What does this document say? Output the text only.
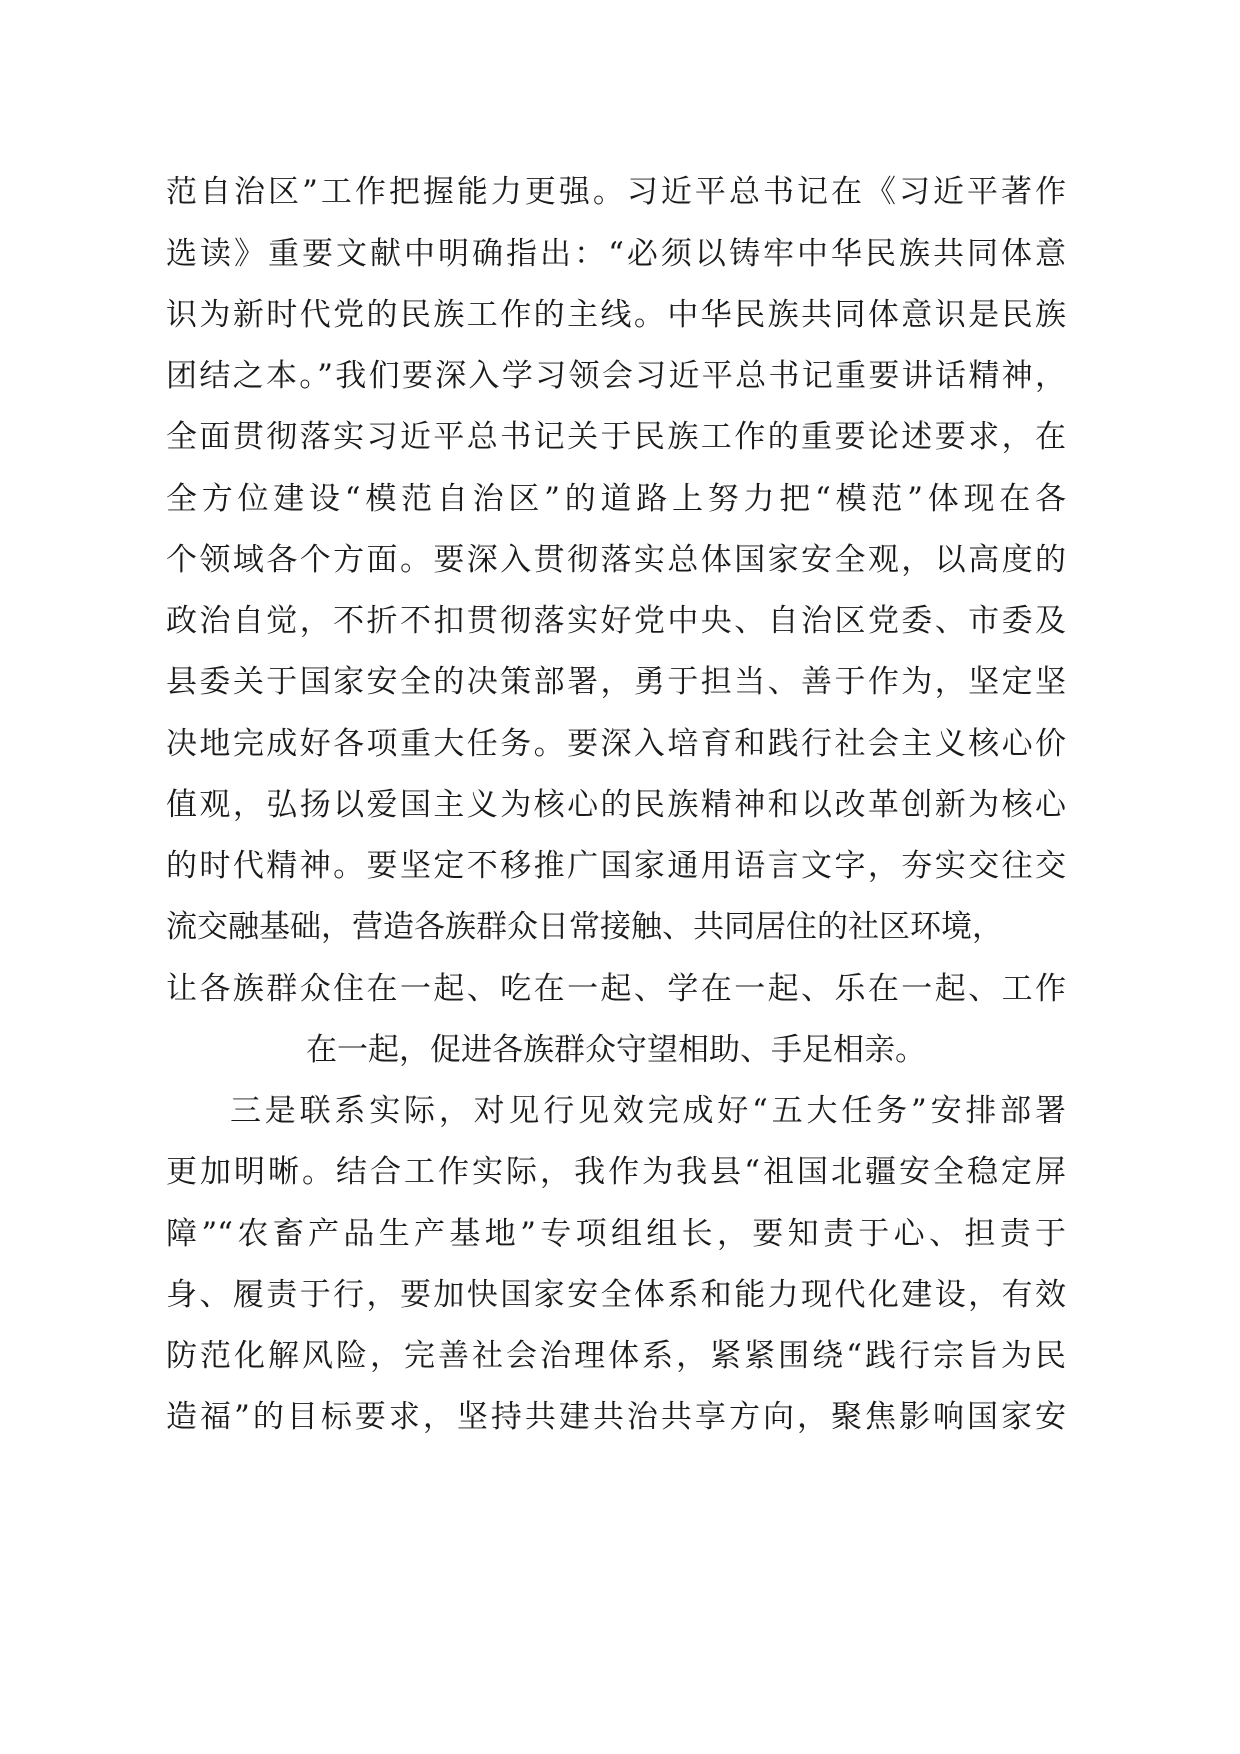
范自治区”工作把握能力更强。习近平总书记在《习近平著作
选读》重要文献中明确指出：“必须以铸牢中华民族共同体意
识为新时代党的民族工作的主线。中华民族共同体意识是民族
团结之本。”我们要深入学习领会习近平总书记重要讲话精神，
全面贯彻落实习近平总书记关于民族工作的重要论述要求，在
全方位建设“模范自治区”的道路上努力把“模范”体现在各
个领域各个方面。要深入贯彻落实总体国家安全观，以高度的
政治自觉，不折不扣贯彻落实好党中央、自治区党委、市委及
县委关于国家安全的决策部署，勇于担当、善于作为，坚定坚
决地完成好各项重大任务。要深入培育和践行社会主义核心价
值观，弘扬以爱国主义为核心的民族精神和以改革创新为核心
的时代精神。要坚定不移推广国家通用语言文字，夯实交往交
流交融基础，营造各族群众日常接触、共同居住的社区环境，
让各族群众住在一起、吃在一起、学在一起、乐在一起、工作
在一起，促进各族群众守望相助、手足相亲。
三是联系实际，对见行见效完成好“五大任务”安排部署
更加明晰。结合工作实际，我作为我县“祖国北疆安全稳定屏
障”“农畜产品生产基地”专项组组长，要知责于心、担责于
身、履责于行，要加快国家安全体系和能力现代化建设，有效
防范化解风险，完善社会治理体系，紧紧围绕“践行宗旨为民
造福”的目标要求，坚持共建共治共享方向，聚焦影响国家安
